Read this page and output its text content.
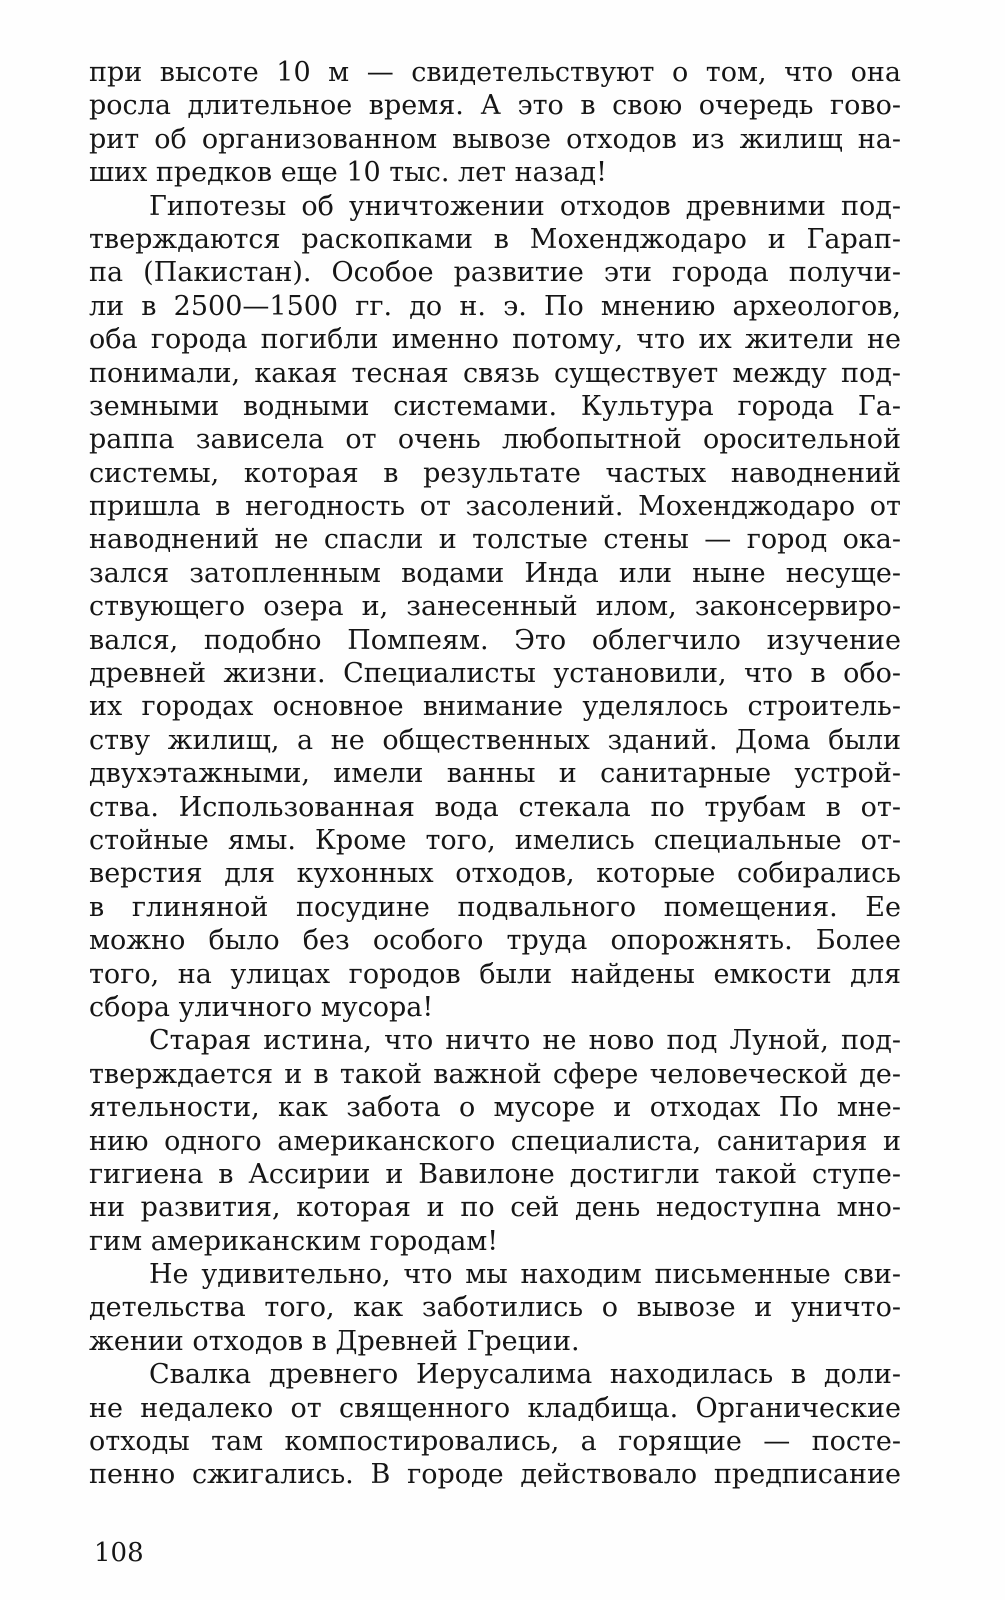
при высоте 10 м — свидетельствуют о том, что она
росла длительное время. А это в свою очередь гово-
рит об организованном вывозе отходов из жилищ на-
ших предков еще 10 тыс. лет назад!
Гипотезы об уничтожении отходов древними под-
тверждаются раскопками в Мохенджодаро и Гарап-
па (Пакистан). Особое развитие эти города получи-
ли в 2500—1500 гг. до н. э. По мнению археологов,
оба города погибли именно потому, что их жители не
понимали, какая тесная связь существует между под-
земными водными системами. Культура города Га-
раппа зависела от очень любопытной оросительной
системы, которая в результате частых наводнений
пришла в негодность от засолений. Мохенджодаро от
наводнений не спасли и толстые стены — город ока-
зался затопленным водами Инда или ныне несуще-
ствующего озера и, занесенный илом, законсервиро-
вался, подобно Помпеям. Это облегчило изучение
древней жизни. Специалисты установили, что в обо-
их городах основное внимание уделялось строитель-
ству жилищ, а не общественных зданий. Дома были
двухэтажными, имели ванны и санитарные устрой-
ства. Использованная вода стекала по трубам в от-
стойные ямы. Кроме того, имелись специальные от-
верстия для кухонных отходов, которые собирались
в глиняной посудине подвального помещения. Ее
можно было без особого труда опорожнять. Более
того, на улицах городов были найдены емкости для
сбора уличного мусора!
Старая истина, что ничто не ново под Луной, под-
тверждается и в такой важной сфере человеческой де-
ятельности, как забота о мусоре и отходах По мне-
нию одного американского специалиста, санитария и
гигиена в Ассирии и Вавилоне достигли такой ступе-
ни развития, которая и по сей день недоступна мно-
гим американским городам!
Не удивительно, что мы находим письменные сви-
детельства того, как заботились о вывозе и уничто-
жении отходов в Древней Греции.
Свалка древнего Иерусалима находилась в доли-
не недалеко от священного кладбища. Органические
отходы там компостировались, а горящие — посте-
пенно сжигались. В городе действовало предписание
108
